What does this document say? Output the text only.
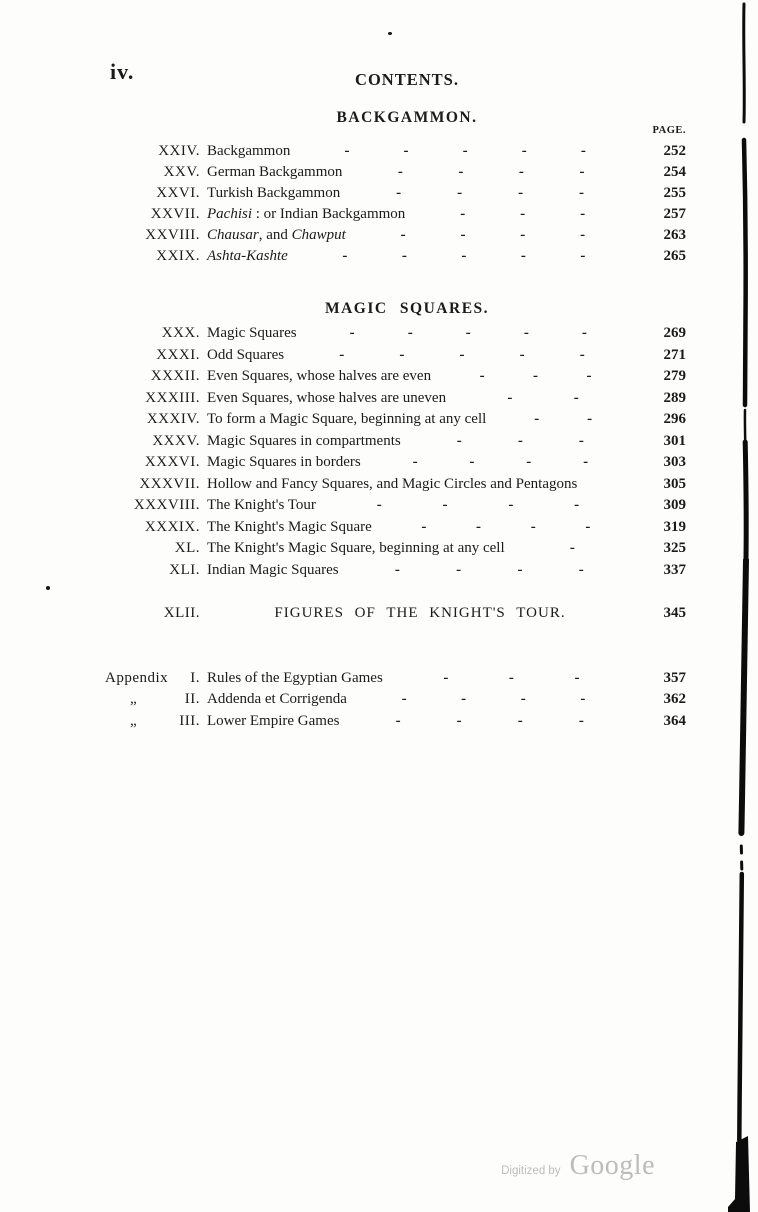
iv.	CONTENTS.
BACKGAMMON.
PAGE.
XXIV. Backgammon	-	-	-	-	-	252
XXV. German Backgammon	-	-	-	-	254
XXVI. Turkish Backgammon	-	-	-	-	255
XXVII. Pachisi : or Indian Backgammon	-	-	-	257
XXVIII. Chausar, and Chawput	-	-	-	-	263
XXIX. Ashta-Kashte	-	-	-	-	-	265
MAGIC SQUARES.
XXX. Magic Squares	-	-	-	-	-	269
XXXI. Odd Squares	-	-	-	-	-	271
XXXII. Even Squares, whose halves are even	-	-	-	279
XXXIII. Even Squares, whose halves are uneven	-	-	289
XXXIV. To form a Magic Square, beginning at any cell	-	-	296
XXXV. Magic Squares in compartments	-	-	-	301
XXXVI. Magic Squares in borders	-	-	-	-	303
XXXVII. Hollow and Fancy Squares, and Magic Circles and Pentagons	305
XXXVIII. The Knight's Tour	-	-	-	-	309
XXXIX. The Knight's Magic Square	-	-	-	-	319
XL. The Knight's Magic Square, beginning at any cell	-	325
XLI. Indian Magic Squares	-	-	-	-	337
XLII.	FIGURES OF THE KNIGHT'S TOUR.	345
Appendix I. Rules of the Egyptian Games	-	-	-	357
„	II. Addenda et Corrigenda	-	-	-	-	362
„	III. Lower Empire Games	-	-	-	-	364
Digitized by Google
